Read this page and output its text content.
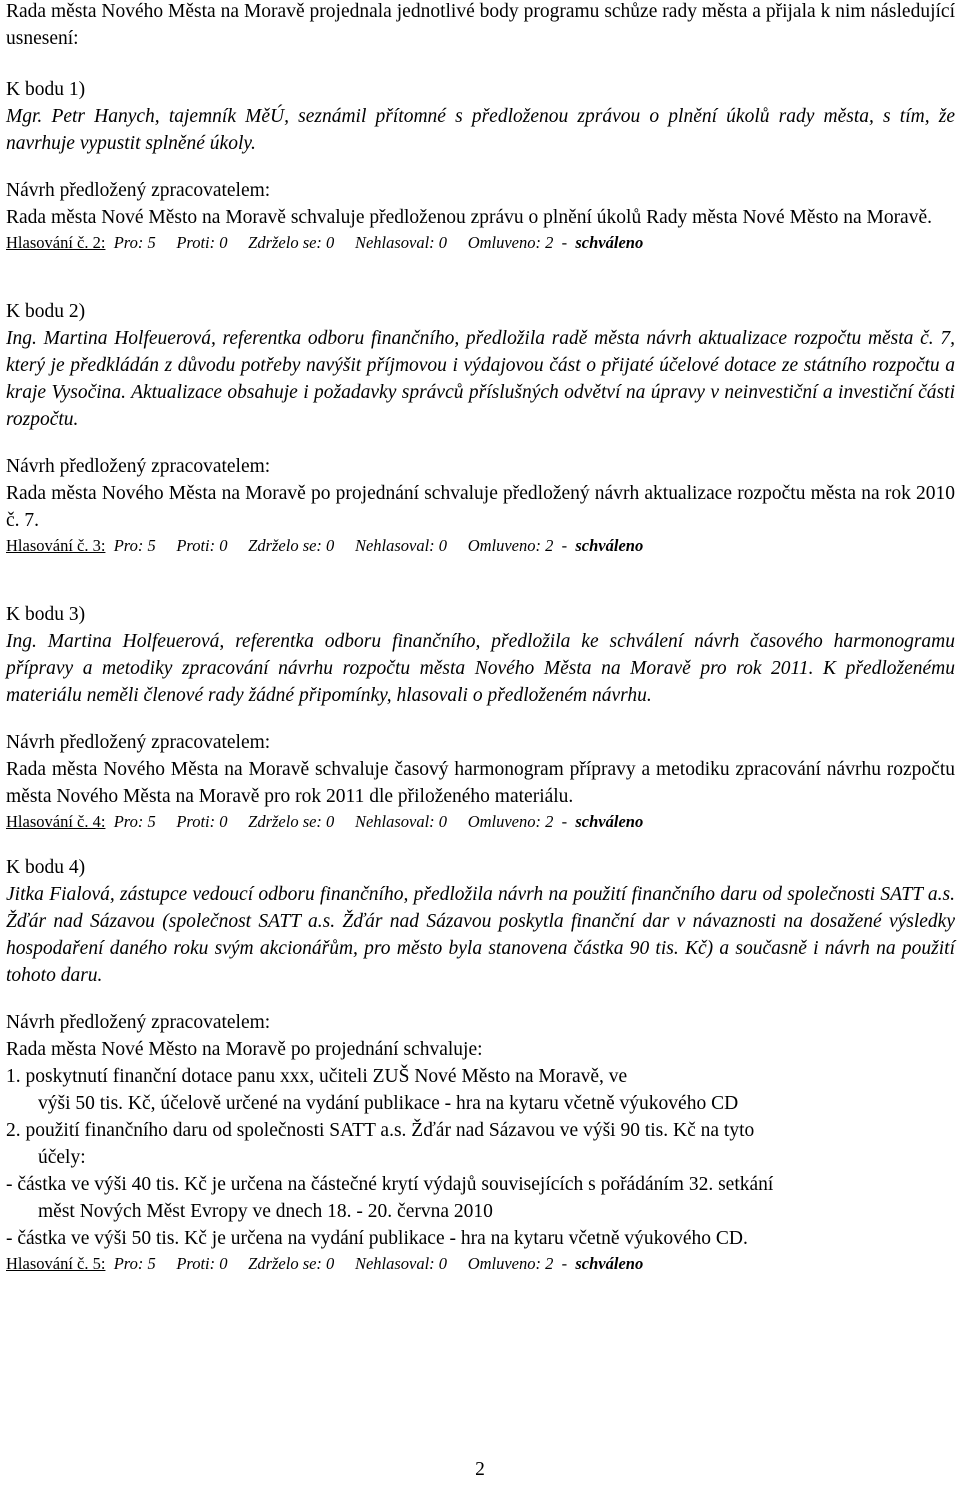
Rada města Nového Města na Moravě projednala jednotlivé body programu schůze rady města a přijala k nim následující usnesení:

K bodu 1)

Mgr. Petr Hanych, tajemník MěÚ, seznámil přítomné s předloženou zprávou o plnění úkolů rady města, s tím, že navrhuje vypustit splněné úkoly.

Návrh předložený zpracovatelem:

Rada města Nové Město na Moravě schvaluje předloženou zprávu o plnění úkolů Rady města Nové Město na Moravě.

Hlasování č. 2: Pro: 5 Proti: 0 Zdrželo se: 0 Nehlasoval: 0 Omluveno: 2 - schváleno

K bodu 2)

Ing. Martina Holfeuerová, referentka odboru finančního, předložila radě města návrh aktualizace rozpočtu města č. 7, který je předkládán z důvodu potřeby navýšit příjmovou i výdajovou část o přijaté účelové dotace ze státního rozpočtu a kraje Vysočina. Aktualizace obsahuje i požadavky správců příslušných odvětví na úpravy v neinvestiční a investiční části rozpočtu.

Návrh předložený zpracovatelem:

Rada města Nového Města na Moravě po projednání schvaluje předložený návrh aktualizace rozpočtu města na rok 2010 č. 7.

Hlasování č. 3: Pro: 5 Proti: 0 Zdrželo se: 0 Nehlasoval: 0 Omluveno: 2 - schváleno

K bodu 3)

Ing. Martina Holfeuerová, referentka odboru finančního, předložila ke schválení návrh časového harmonogramu přípravy a metodiky zpracování návrhu rozpočtu města Nového Města na Moravě pro rok 2011. K předloženému materiálu neměli členové rady žádné připomínky, hlasovali o předloženém návrhu.

Návrh předložený zpracovatelem:

Rada města Nového Města na Moravě schvaluje časový harmonogram přípravy a metodiku zpracování návrhu rozpočtu města Nového Města na Moravě pro rok 2011 dle přiloženého materiálu.

Hlasování č. 4: Pro: 5 Proti: 0 Zdrželo se: 0 Nehlasoval: 0 Omluveno: 2 - schváleno

K bodu 4)

Jitka Fialová, zástupce vedoucí odboru finančního, předložila návrh na použití finančního daru od společnosti SATT a.s. Žďár nad Sázavou (společnost SATT a.s. Žďár nad Sázavou poskytla finanční dar v návaznosti na dosažené výsledky hospodaření daného roku svým akcionářům, pro město byla stanovena částka 90 tis. Kč) a současně i návrh na použití tohoto daru.

Návrh předložený zpracovatelem:

Rada města Nové Město na Moravě po projednání schvaluje:

1. poskytnutí finanční dotace panu xxx, učiteli ZUŠ Nové Město na Moravě, ve
výši 50 tis. Kč, účelově určené na vydání publikace - hra na kytaru včetně výukového CD
2. použití finančního daru od společnosti SATT a.s. Žďár nad Sázavou ve výši 90 tis. Kč na tyto
účely:
- částka ve výši 40 tis. Kč je určena na částečné krytí výdajů souvisejících s pořádáním 32. setkání
měst Nových Měst Evropy ve dnech 18. - 20. června 2010
- částka ve výši 50 tis. Kč je určena na vydání publikace - hra na kytaru včetně výukového CD.

Hlasování č. 5: Pro: 5 Proti: 0 Zdrželo se: 0 Nehlasoval: 0 Omluveno: 2 - schváleno

2
